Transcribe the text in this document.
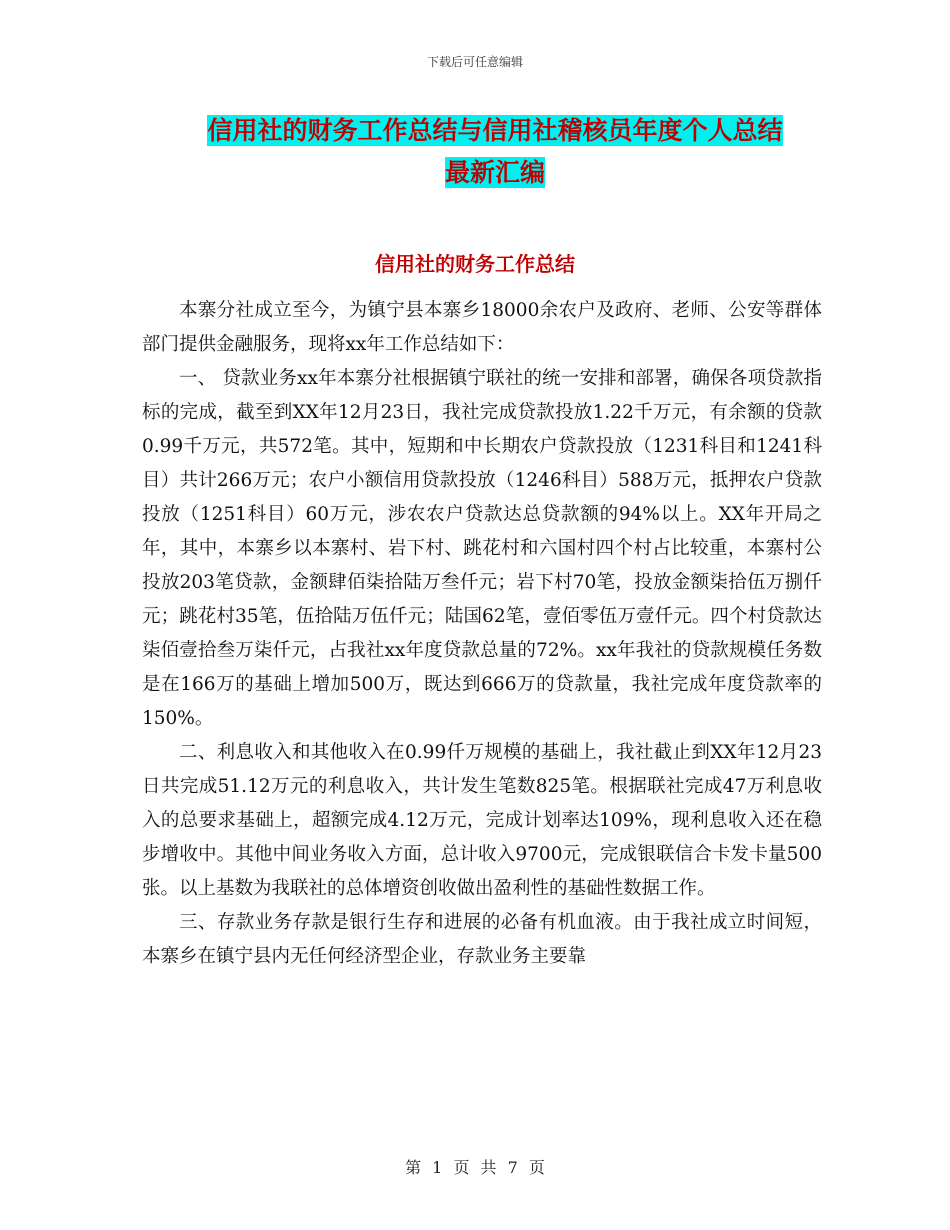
下载后可任意编辑
信用社的财务工作总结与信用社稽核员年度个人总结
最新汇编
信用社的财务工作总结

本寨分社成立至今，为镇宁县本寨乡18000余农户及政府、老师、公安等群体部门提供金融服务，现将xx年工作总结如下：

一、 贷款业务xx年本寨分社根据镇宁联社的统一安排和部署，确保各项贷款指标的完成，截至到XX年12月23日，我社完成贷款投放1.22千万元，有余额的贷款0.99千万元，共572笔。其中，短期和中长期农户贷款投放（1231科目和1241科目）共计266万元；农户小额信用贷款投放（1246科目）588万元，抵押农户贷款投放（1251科目）60万元，涉农农户贷款达总贷款额的94%以上。XX年开局之年，其中，本寨乡以本寨村、岩下村、跳花村和六国村四个村占比较重，本寨村公投放203笔贷款，金额肆佰柒拾陆万叁仟元；岩下村70笔，投放金额柒拾伍万捌仟元；跳花村35笔，伍拾陆万伍仟元；陆国62笔，壹佰零伍万壹仟元。四个村贷款达柒佰壹拾叁万柒仟元，占我社xx年度贷款总量的72%。xx年我社的贷款规模任务数是在166万的基础上增加500万，既达到666万的贷款量，我社完成年度贷款率的150%。

二、利息收入和其他收入在0.99仟万规模的基础上，我社截止到XX年12月23日共完成51.12万元的利息收入，共计发生笔数825笔。根据联社完成47万利息收入的总要求基础上，超额完成4.12万元，完成计划率达109%，现利息收入还在稳步增收中。其他中间业务收入方面，总计收入9700元，完成银联信合卡发卡量500张。以上基数为我联社的总体增资创收做出盈利性的基础性数据工作。

三、存款业务存款是银行生存和进展的必备有机血液。由于我社成立时间短，本寨乡在镇宁县内无任何经济型企业，存款业务主要靠

第 1 页 共 7 页
